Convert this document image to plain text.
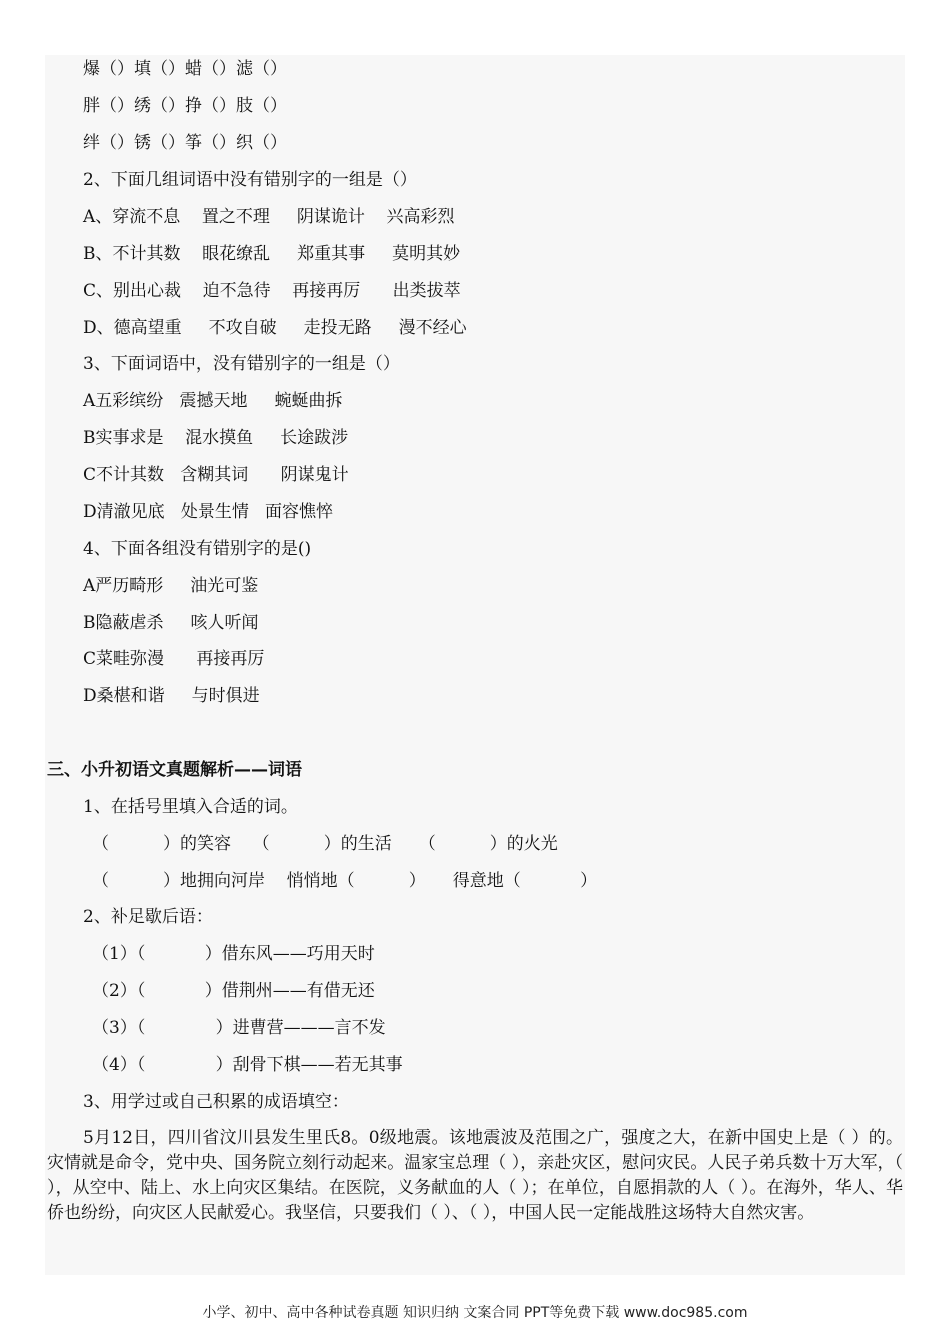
爆（）填（）蜡（）滤（）
胖（）绣（）挣（）肢（）
绊（）锈（）筝（）织（）
2、下面几组词语中没有错别字的一组是（）
A、穿流不息    置之不理     阴谋诡计    兴高彩烈
B、不计其数    眼花缭乱     郑重其事     莫明其妙
C、别出心裁    迫不急待    再接再厉      出类拔萃
D、德高望重     不攻自破     走投无路     漫不经心
3、下面词语中，没有错别字的一组是（）
A五彩缤纷   震撼天地     蜿蜒曲拆
B实事求是    混水摸鱼     长途跋涉
C不计其数   含糊其词      阴谋鬼计
D清澈见底   处景生情   面容憔悴
4、下面各组没有错别字的是()
A严历畸形     油光可鉴
B隐蔽虐杀     咳人听闻
C菜畦弥漫      再接再厉
D桑椹和谐     与时俱进
三、小升初语文真题解析——词语
1、在括号里填入合适的词。
（          ）的笑容    （          ）的生活     （          ）的火光
（          ）地拥向河岸    悄悄地（          ）     得意地（           ）
2、补足歇后语：
（1）（           ）借东风——巧用天时
（2）（           ）借荆州——有借无还
（3）（             ）进曹营———言不发
（4）（             ）刮骨下棋——若无其事
3、用学过或自己积累的成语填空：
5月12日，四川省汶川县发生里氏8。0级地震。该地震波及范围之广，强度之大，在新中国史上是（ ）的。灾情就是命令，党中央、国务院立刻行动起来。温家宝总理（ ），亲赴灾区，慰问灾民。人民子弟兵数十万大军，（ ），从空中、陆上、水上向灾区集结。在医院，义务献血的人（ ）；在单位，自愿捐款的人（ ）。在海外，华人、华侨也纷纷，向灾区人民献爱心。我坚信，只要我们（ ）、（ ），中国人民一定能战胜这场特大自然灾害。
小学、初中、高中各种试卷真题 知识归纳 文案合同 PPT等免费下载 www.doc985.com
